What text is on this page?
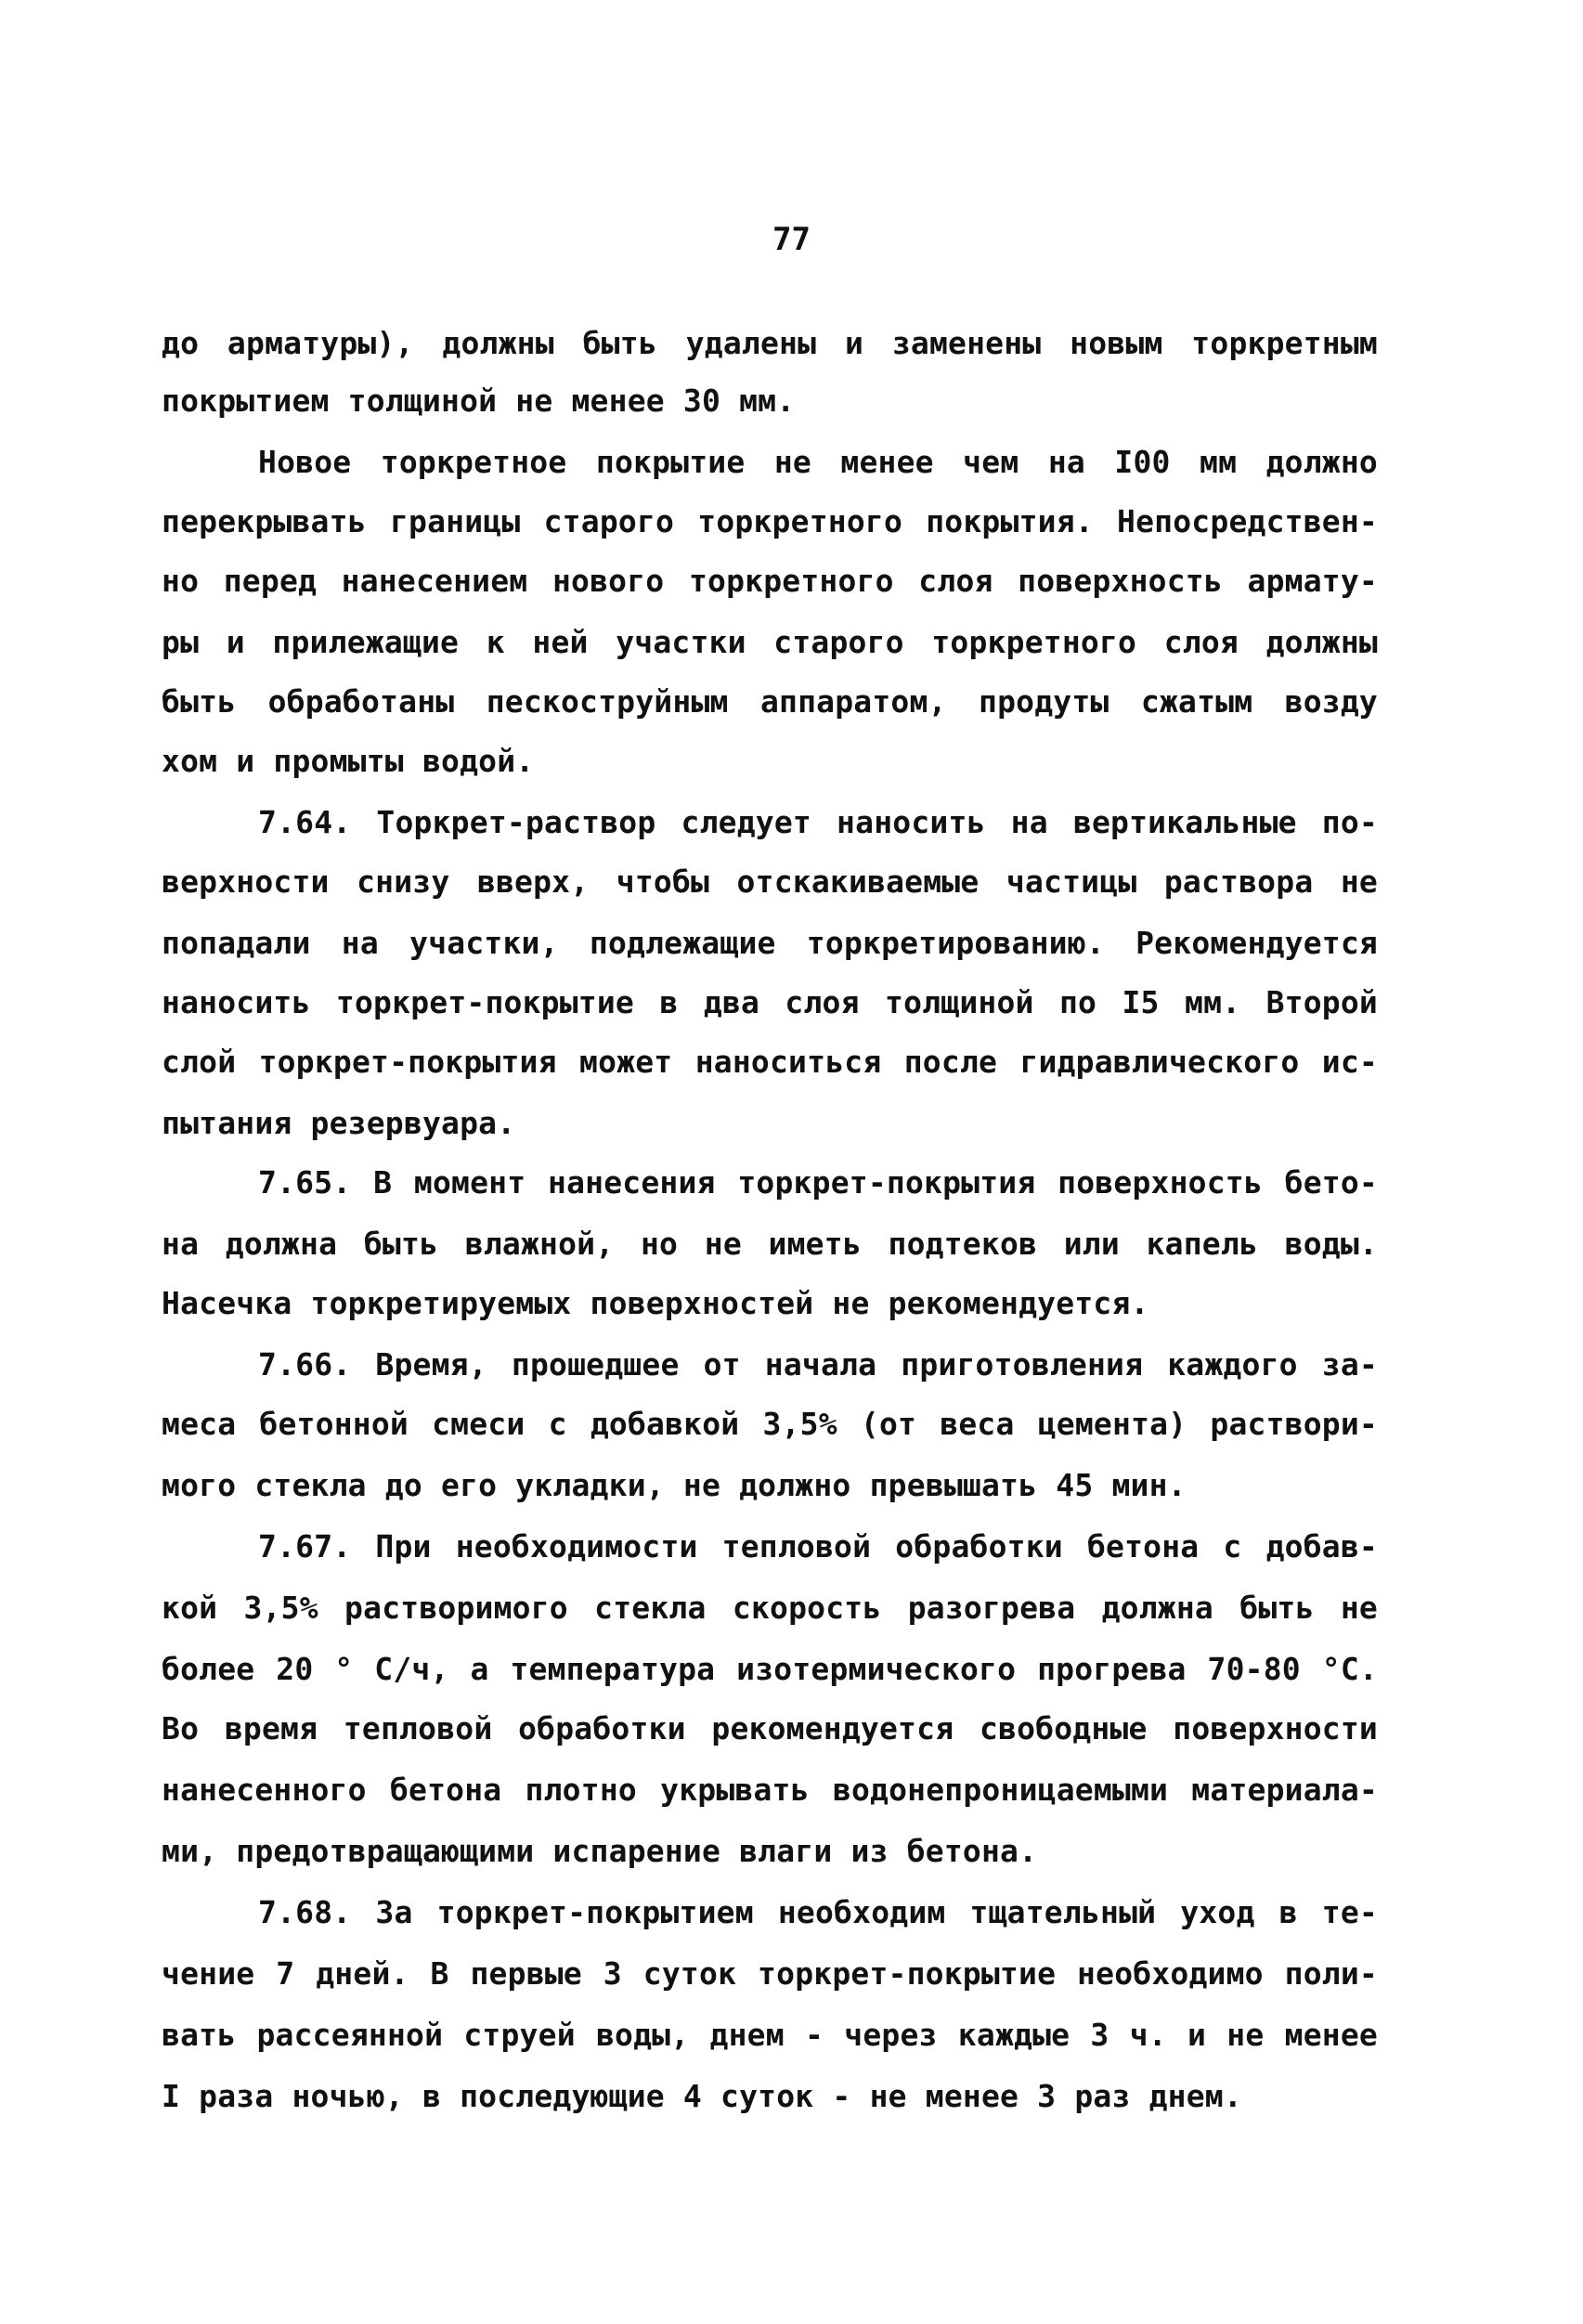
77
до арматуры), должны быть удалены и заменены новым торкретным
покрытием толщиной не менее 30 мм.
Новое торкретное покрытие не менее чем на I00 мм должно
перекрывать границы старого торкретного покрытия. Непосредствен-
но перед нанесением нового торкретного слоя поверхность армату-
ры и прилежащие к ней участки старого торкретного слоя должны
быть обработаны пескоструйным аппаратом, продуты сжатым возду
хом и промыты водой.
7.64. Торкрет-раствор следует наносить на вертикальные по-
верхности снизу вверх, чтобы отскакиваемые частицы раствора не
попадали на участки, подлежащие торкретированию. Рекомендуется
наносить торкрет-покрытие в два слоя толщиной по I5 мм. Второй
слой торкрет-покрытия может наноситься после гидравлического ис-
пытания резервуара.
7.65. В момент нанесения торкрет-покрытия поверхность бето-
на должна быть влажной, но не иметь подтеков или капель воды.
Насечка торкретируемых поверхностей не рекомендуется.
7.66. Время, прошедшее от начала приготовления каждого за-
меса бетонной смеси с добавкой 3,5% (от веса цемента) раствори-
мого стекла до его укладки, не должно превышать 45 мин.
7.67. При необходимости тепловой обработки бетона с добав-
кой 3,5% растворимого стекла скорость разогрева должна быть не
более 20 ° С/ч, а температура изотермического прогрева 70-80 °С.
Во время тепловой обработки рекомендуется свободные поверхности
нанесенного бетона плотно укрывать водонепроницаемыми материала-
ми, предотвращающими испарение влаги из бетона.
7.68. За торкрет-покрытием необходим тщательный уход в те-
чение 7 дней. В первые 3 суток торкрет-покрытие необходимо поли-
вать рассеянной струей воды, днем - через каждые 3 ч. и не менее
I раза ночью, в последующие 4 суток - не менее 3 раз днем.
